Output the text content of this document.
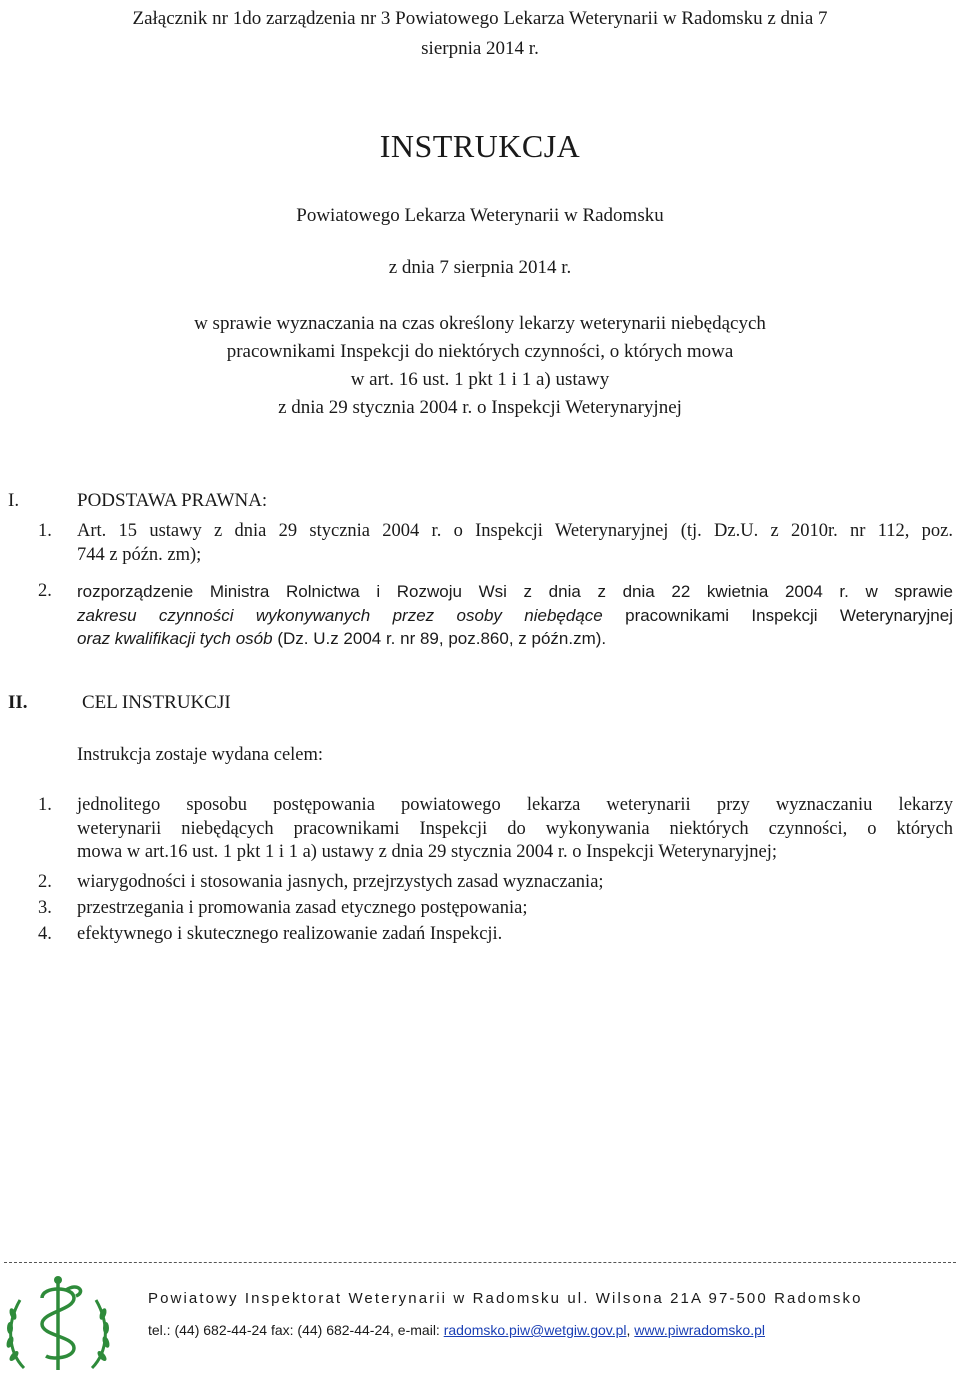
Załącznik nr 1do zarządzenia nr 3 Powiatowego Lekarza Weterynarii w Radomsku z dnia 7
sierpnia 2014 r.
INSTRUKCJA
Powiatowego Lekarza Weterynarii w Radomsku
z dnia 7 sierpnia 2014 r.
w sprawie wyznaczania na czas określony lekarzy weterynarii niebędących
pracownikami Inspekcji do niektórych czynności, o których mowa
w art. 16 ust. 1 pkt 1 i 1 a) ustawy
z dnia 29 stycznia 2004 r. o Inspekcji Weterynaryjnej
I.	PODSTAWA PRAWNA:
1. Art. 15 ustawy z dnia 29 stycznia 2004 r. o Inspekcji Weterynaryjnej (tj. Dz.U. z 2010r. nr 112, poz.
744 z późn. zm);
2. rozporządzenie Ministra Rolnictwa i Rozwoju Wsi z dnia z dnia 22 kwietnia 2004 r. w sprawie
zakresu czynności wykonywanych przez osoby niebędące pracownikami Inspekcji Weterynaryjnej
oraz kwalifikacji tych osób (Dz. U.z 2004 r. nr 89, poz.860, z późn.zm).
II.	CEL INSTRUKCJI
Instrukcja zostaje wydana celem:
1. jednolitego sposobu postępowania powiatowego lekarza weterynarii przy wyznaczaniu lekarzy
weterynarii niebędących pracownikami Inspekcji do wykonywania niektórych czynności, o których
mowa w art.16 ust. 1 pkt 1 i 1 a) ustawy z dnia 29 stycznia 2004 r. o Inspekcji Weterynaryjnej;
2. wiarygodności i stosowania jasnych, przejrzystych zasad wyznaczania;
3. przestrzegania i promowania zasad etycznego postępowania;
4. efektywnego i skutecznego realizowanie zadań Inspekcji.
Powiatowy Inspektorat Weterynarii w Radomsku ul. Wilsona 21A 97-500 Radomsko
tel.: (44) 682-44-24 fax: (44) 682-44-24, e-mail: radomsko.piw@wetgiw.gov.pl, www.piwradomsko.pl
